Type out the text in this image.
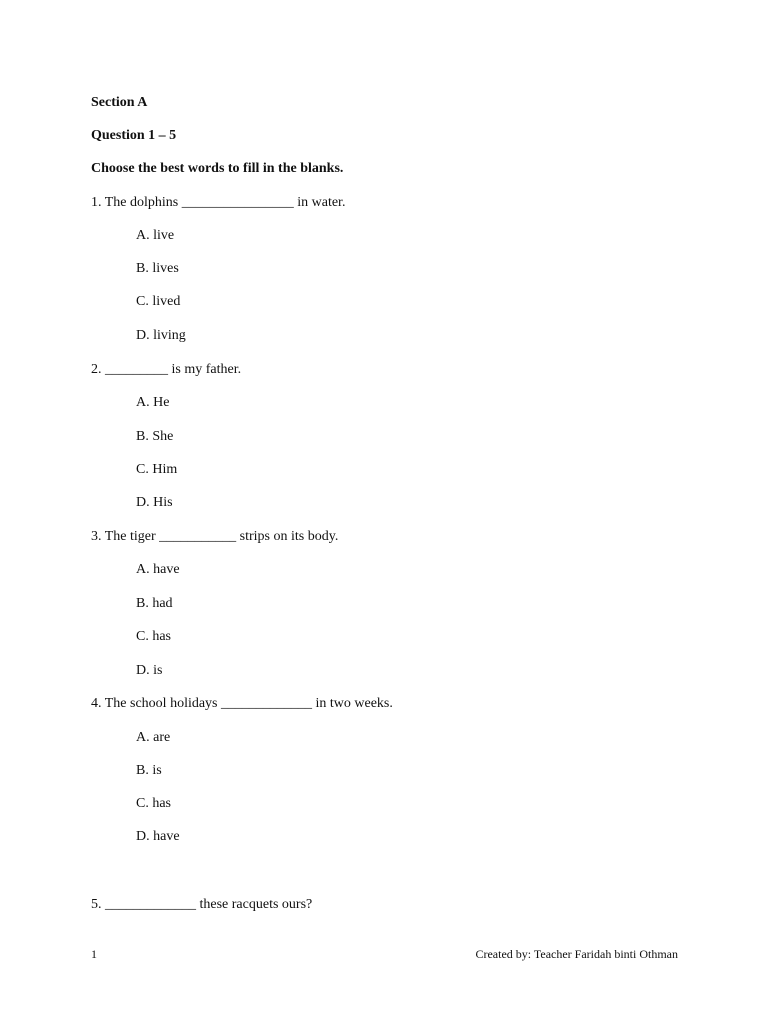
Section A
Question 1 – 5
Choose the best words to fill in the blanks.
1. The dolphins ________________ in water.
A. live
B. lives
C. lived
D. living
2. _________ is my father.
A. He
B. She
C. Him
D. His
3. The tiger ___________ strips on its body.
A. have
B. had
C. has
D. is
4. The school holidays _____________ in two weeks.
A. are
B. is
C. has
D. have
5. _____________ these racquets ours?
1	Created by: Teacher Faridah binti Othman
